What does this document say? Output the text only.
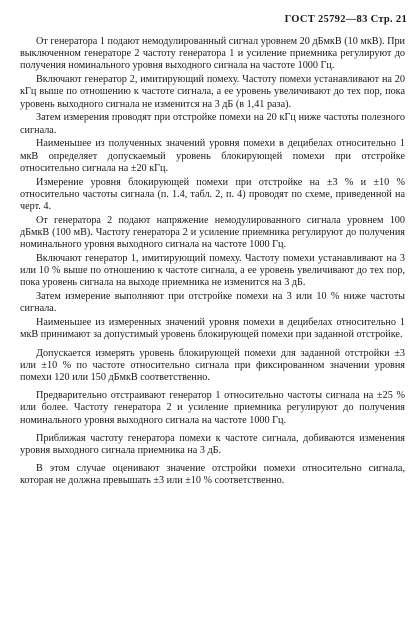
ГОСТ 25792—83 Стр. 21

От генератора 1 подают немодулированный сигнал уровнем 20 дБмкВ (10 мкВ). При выключенном генераторе 2 частоту генератора 1 и усиление приемника регулируют до получения номинального уровня выходного сигнала на частоте 1000 Гц.

Включают генератор 2, имитирующий помеху. Частоту помехи устанавливают на 20 кГц выше по отношению к частоте сигнала, а ее уровень увеличивают до тех пор, пока уровень выходного сигнала не изменится на 3 дБ (в 1,41 раза).

Затем измерения проводят при отстройке помехи на 20 кГц ниже частоты полезного сигнала.

Наименьшее из полученных значений уровня помехи в децибелах относительно 1 мкВ определяет допускаемый уровень блокирующей помехи при отстройке относительно сигнала на ±20 кГц.

Измерение уровня блокирующей помехи при отстройке на ±3 % и ±10 % относительно частоты сигнала (п. 1.4, табл. 2, п. 4) проводят по схеме, приведенной на черт. 4.

От генератора 2 подают напряжение немодулированного сигнала уровнем 100 дБмкВ (100 мВ). Частоту генератора 2 и усиление приемника регулируют до получения номинального уровня выходного сигнала на частоте 1000 Гц.

Включают генератор 1, имитирующий помеху. Частоту помехи устанавливают на 3 или 10 % выше по отношению к частоте сигнала, а ее уровень увеличивают до тех пор, пока уровень сигнала на выходе приемника не изменится на 3 дБ.

Затем измерение выполняют при отстройке помехи на 3 или 10 % ниже частоты сигнала.

Наименьшее из измеренных значений уровня помехи в децибелах относительно 1 мкВ принимают за допустимый уровень блокирующей помехи при заданной отстройке.

Допускается измерять уровень блокирующей помехи для заданной отстройки ±3 или ±10 % по частоте относительно сигнала при фиксированном значении уровня помехи 120 или 150 дБмкВ соответственно.

Предварительно отстраивают генератор 1 относительно частоты сигнала на ±25 % или более. Частоту генератора 2 и усиление приемника регулируют до получения номинального уровня выходного сигнала на частоте 1000 Гц.

Приближая частоту генератора помехи к частоте сигнала, добиваются изменения уровня выходного сигнала приемника на 3 дБ.

В этом случае оценивают значение отстройки помехи относительно сигнала, которая не должна превышать ±3 или ±10 % соответственно.
